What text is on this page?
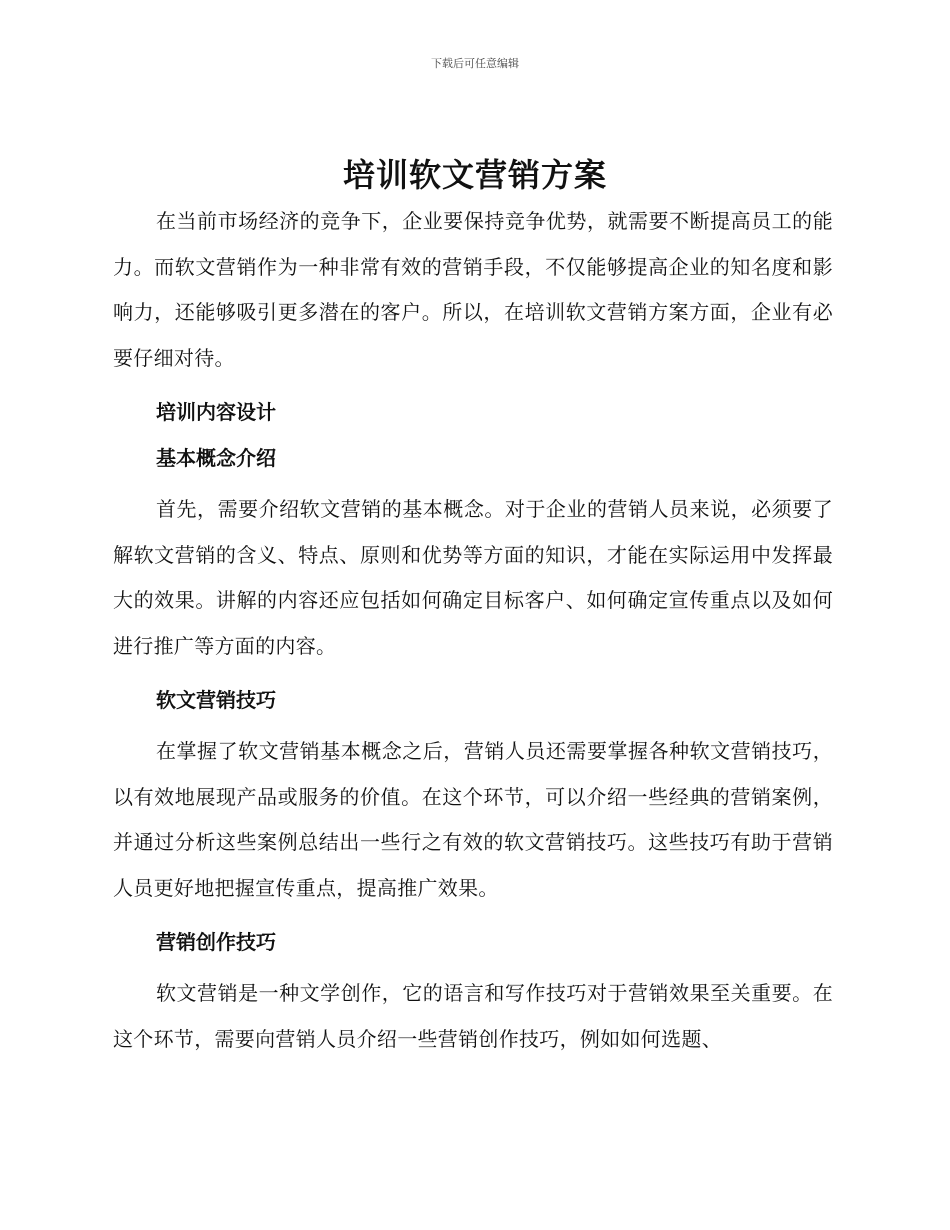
下载后可任意编辑
培训软文营销方案

在当前市场经济的竞争下，企业要保持竞争优势，就需要不断提高员工的能力。而软文营销作为一种非常有效的营销手段，不仅能够提高企业的知名度和影响力，还能够吸引更多潜在的客户。所以，在培训软文营销方案方面，企业有必要仔细对待。

培训内容设计
基本概念介绍

首先，需要介绍软文营销的基本概念。对于企业的营销人员来说，必须要了解软文营销的含义、特点、原则和优势等方面的知识，才能在实际运用中发挥最大的效果。讲解的内容还应包括如何确定目标客户、如何确定宣传重点以及如何进行推广等方面的内容。

软文营销技巧

在掌握了软文营销基本概念之后，营销人员还需要掌握各种软文营销技巧，以有效地展现产品或服务的价值。在这个环节，可以介绍一些经典的营销案例，并通过分析这些案例总结出一些行之有效的软文营销技巧。这些技巧有助于营销人员更好地把握宣传重点，提高推广效果。

营销创作技巧

软文营销是一种文学创作，它的语言和写作技巧对于营销效果至关重要。在这个环节，需要向营销人员介绍一些营销创作技巧，例如如何选题、
